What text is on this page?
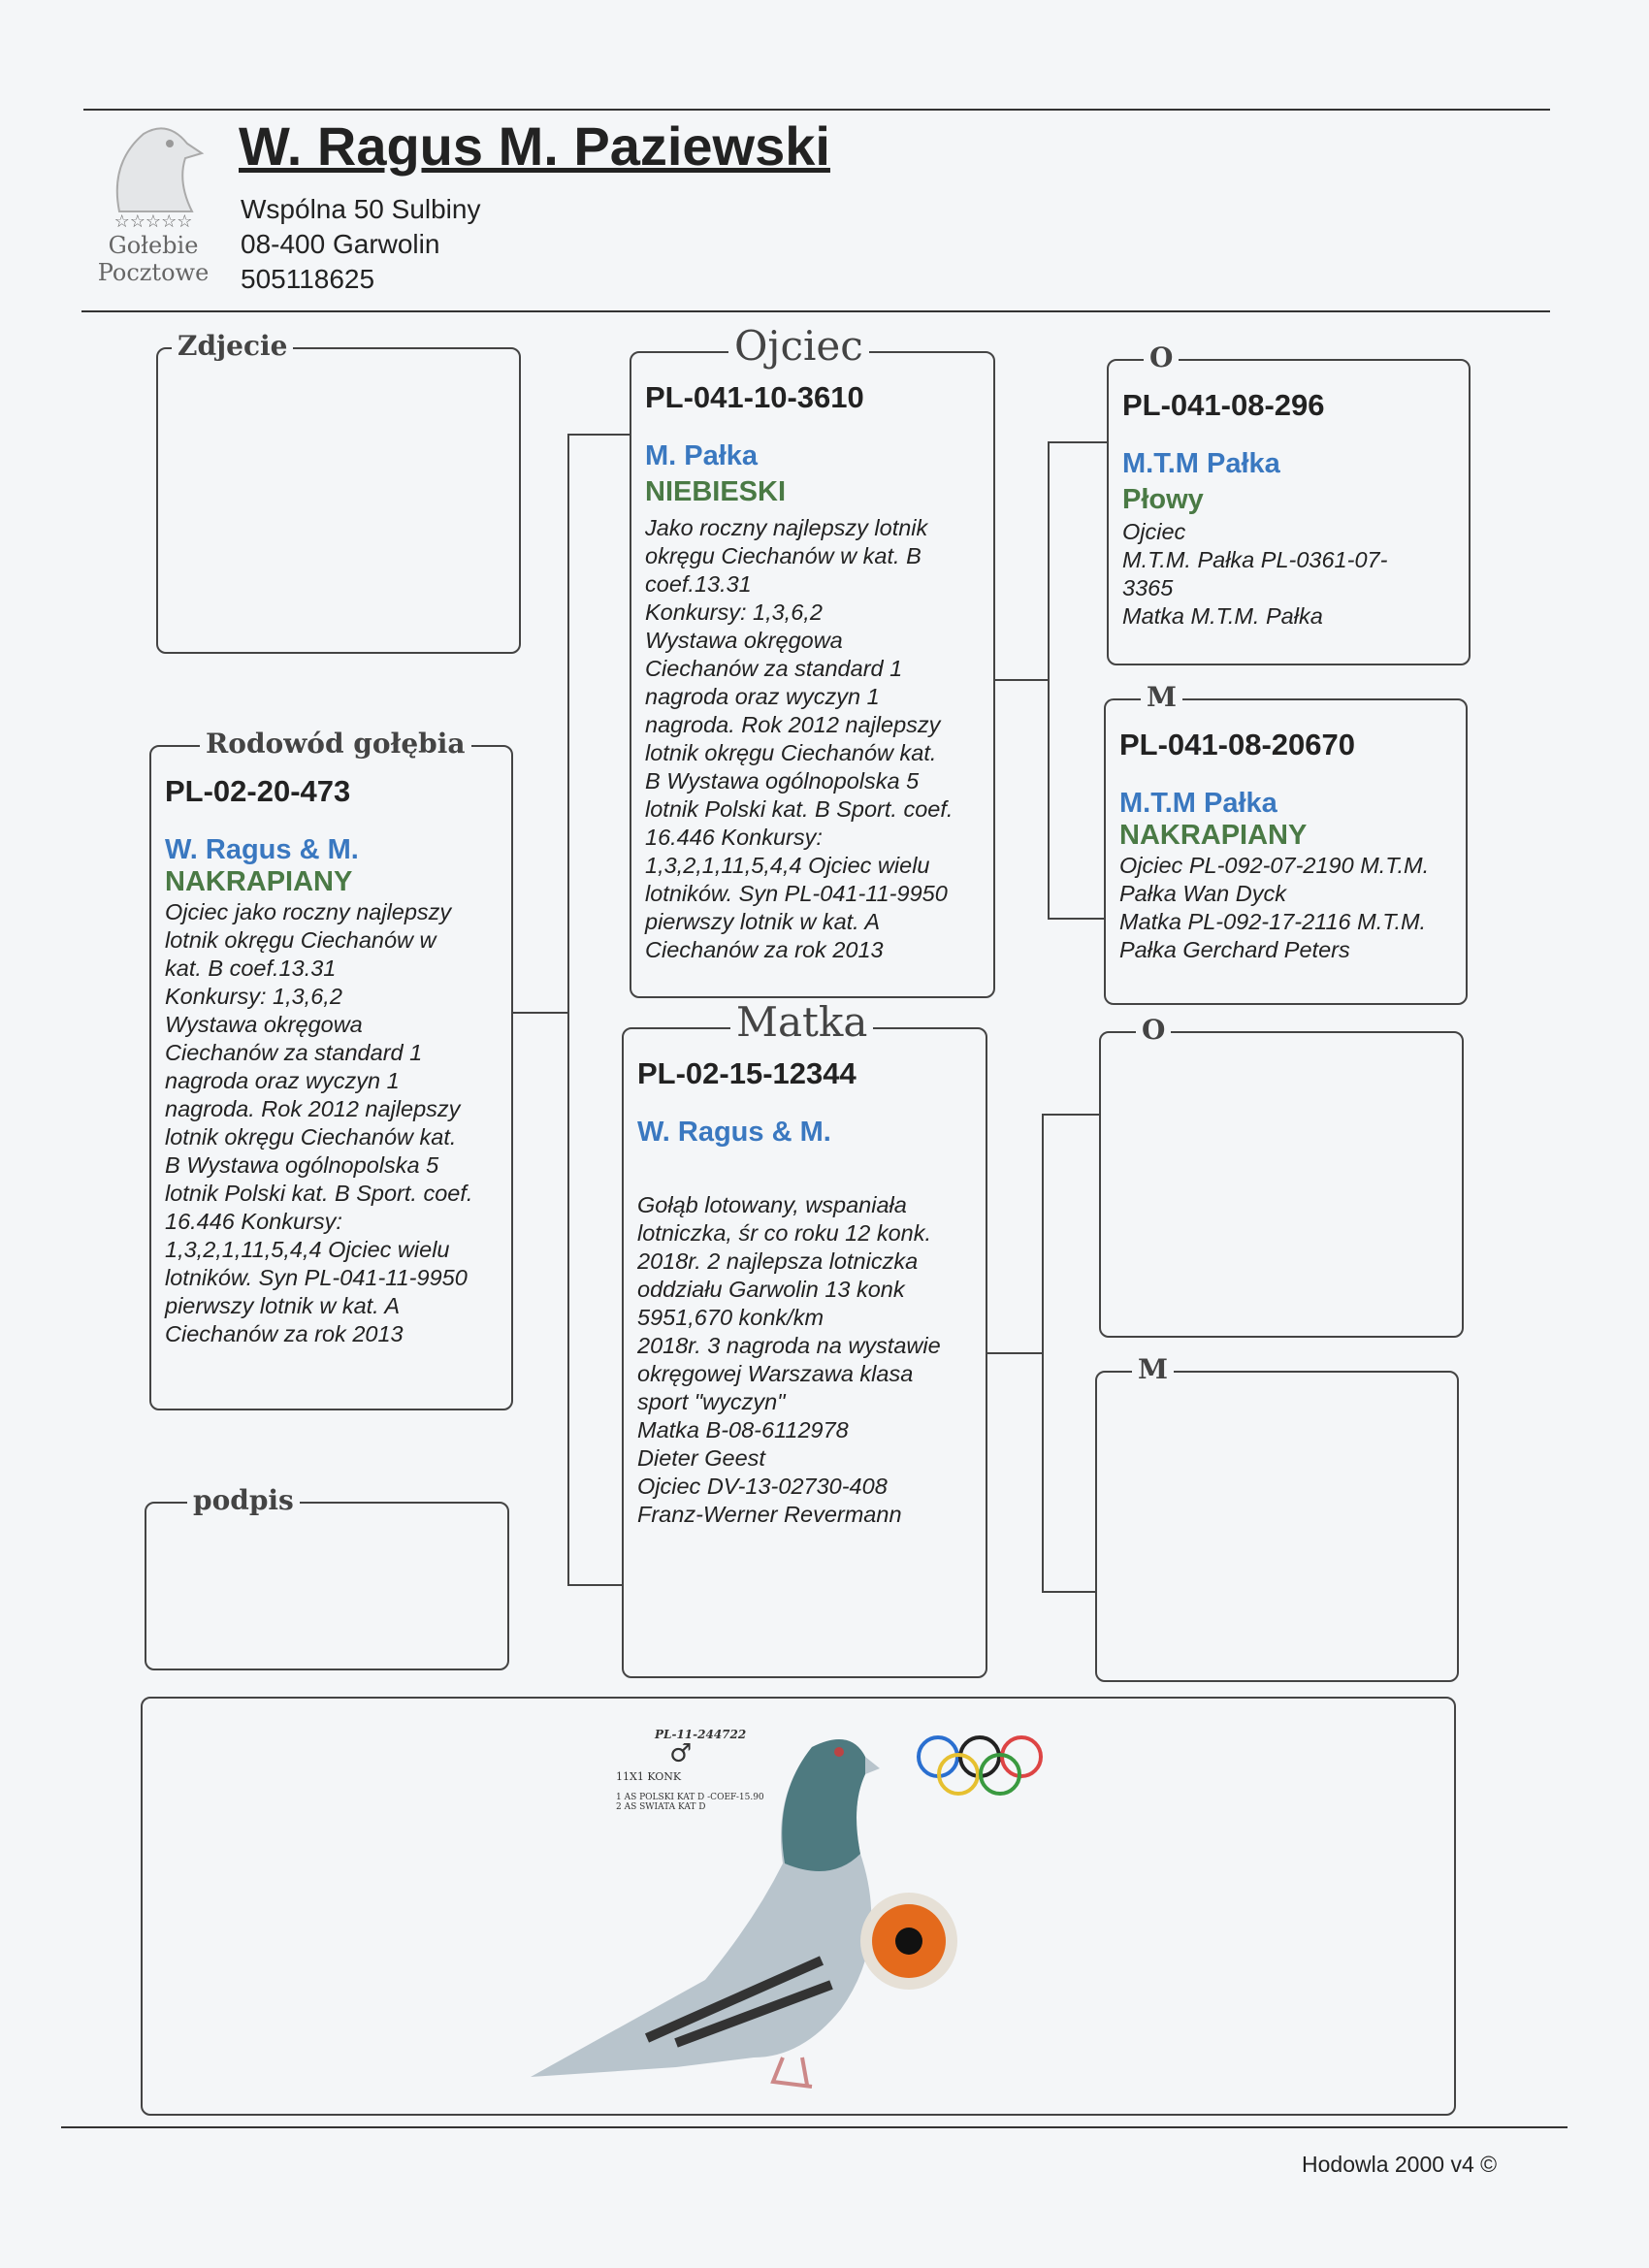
☆☆☆☆☆
Gołebie
Pocztowe
W. Ragus M. Paziewski
Wspólna 50 Sulbiny
08-400 Garwolin
505118625
Zdjecie
Rodowód gołębia
PL-02-20-473
W. Ragus & M.
NAKRAPIANY
Ojciec jako roczny najlepszy
lotnik okręgu Ciechanów w
kat. B coef.13.31
Konkursy: 1,3,6,2
Wystawa okręgowa
Ciechanów za standard 1
nagroda oraz wyczyn 1
nagroda. Rok 2012 najlepszy
lotnik okręgu Ciechanów kat.
B Wystawa ogólnopolska 5
lotnik Polski kat. B Sport. coef.
16.446 Konkursy:
1,3,2,1,11,5,4,4 Ojciec wielu
lotników. Syn PL-041-11-9950
pierwszy lotnik w kat. A
Ciechanów za rok 2013
podpis
Ojciec
PL-041-10-3610
M. Pałka
NIEBIESKI
Jako roczny najlepszy lotnik
okręgu Ciechanów w kat. B
coef.13.31
Konkursy: 1,3,6,2
Wystawa okręgowa
Ciechanów za standard 1
nagroda oraz wyczyn 1
nagroda. Rok 2012 najlepszy
lotnik okręgu Ciechanów kat.
B Wystawa ogólnopolska 5
lotnik Polski kat. B Sport. coef.
16.446 Konkursy:
1,3,2,1,11,5,4,4 Ojciec wielu
lotników. Syn PL-041-11-9950
pierwszy lotnik w kat. A
Ciechanów za rok 2013
Matka
PL-02-15-12344
W. Ragus & M.
Gołąb lotowany, wspaniała
lotniczka, śr co roku 12 konk.
2018r. 2 najlepsza lotniczka
oddziału Garwolin 13 konk
5951,670 konk/km
2018r. 3 nagroda na wystawie
okręgowej Warszawa klasa
sport "wyczyn"
Matka B-08-6112978
Dieter Geest
Ojciec DV-13-02730-408
Franz-Werner Revermann
O
PL-041-08-296
M.T.M Pałka
Płowy
Ojciec
M.T.M. Pałka PL-0361-07-
3365
Matka M.T.M. Pałka
M
PL-041-08-20670
M.T.M Pałka
NAKRAPIANY
Ojciec PL-092-07-2190 M.T.M.
Pałka Wan Dyck
Matka PL-092-17-2116 M.T.M.
Pałka Gerchard Peters
O
M
PL-11-244722
♂
11X1 KONK
1 AS POLSKI KAT D -COEF-15.90
2 AS SWIATA KAT D
Hodowla 2000 v4 ©
